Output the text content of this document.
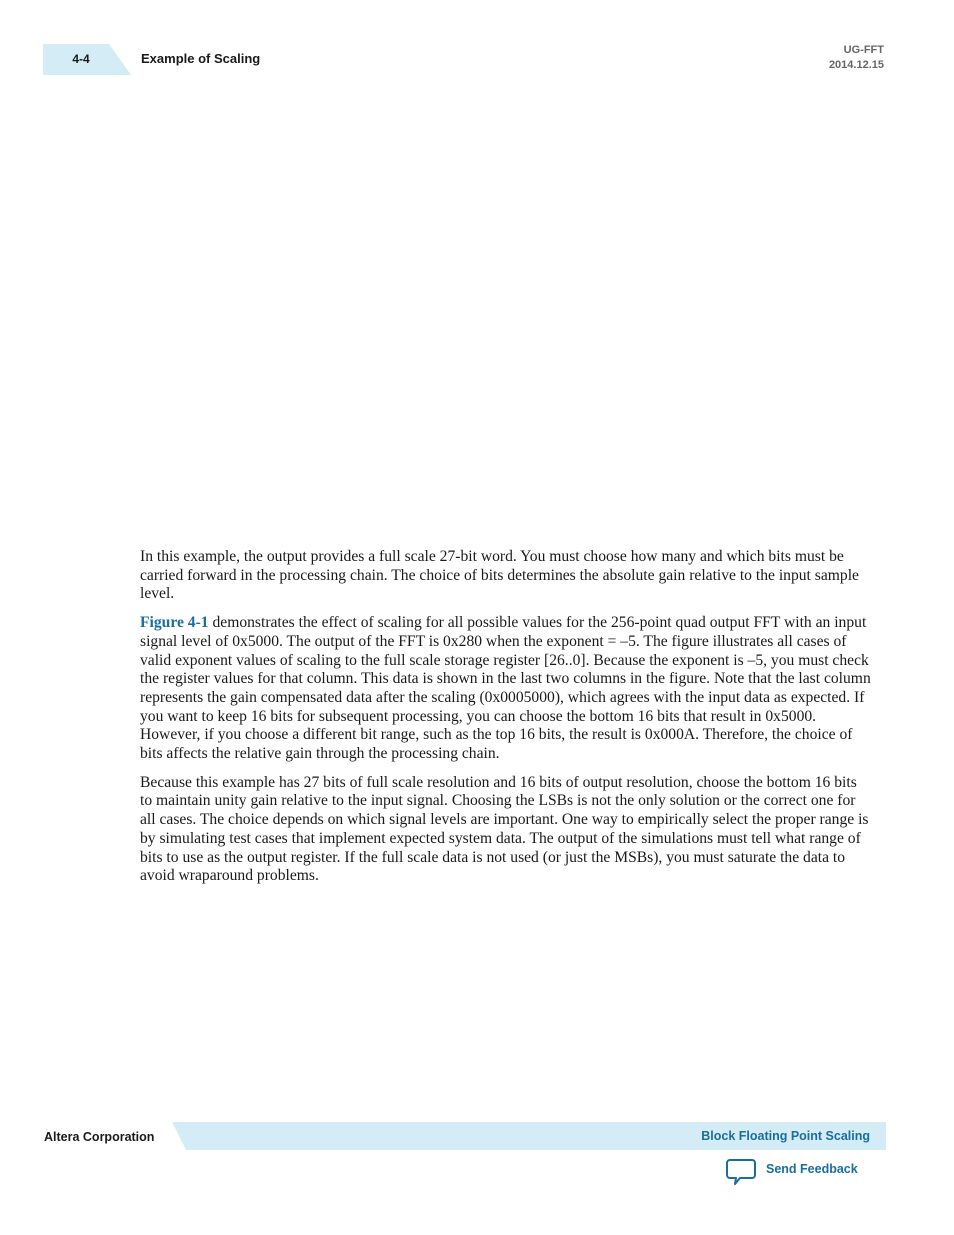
4-4	Example of Scaling
UG-FFT
2014.12.15

In this example, the output provides a full scale 27-bit word. You must choose how many and which bits must be carried forward in the processing chain. The choice of bits determines the absolute gain relative to the input sample level.

Figure 4-1 demonstrates the effect of scaling for all possible values for the 256-point quad output FFT with an input signal level of 0x5000. The output of the FFT is 0x280 when the exponent = –5. The figure illustrates all cases of valid exponent values of scaling to the full scale storage register [26..0]. Because the exponent is –5, you must check the register values for that column. This data is shown in the last two columns in the figure. Note that the last column represents the gain compensated data after the scaling (0x0005000), which agrees with the input data as expected. If you want to keep 16 bits for subsequent processing, you can choose the bottom 16 bits that result in 0x5000. However, if you choose a different bit range, such as the top 16 bits, the result is 0x000A. Therefore, the choice of bits affects the relative gain through the processing chain.

Because this example has 27 bits of full scale resolution and 16 bits of output resolution, choose the bottom 16 bits to maintain unity gain relative to the input signal. Choosing the LSBs is not the only solution or the correct one for all cases. The choice depends on which signal levels are important. One way to empirically select the proper range is by simulating test cases that implement expected system data. The output of the simulations must tell what range of bits to use as the output register. If the full scale data is not used (or just the MSBs), you must saturate the data to avoid wraparound problems.

Altera Corporation	Block Floating Point Scaling
Send Feedback
